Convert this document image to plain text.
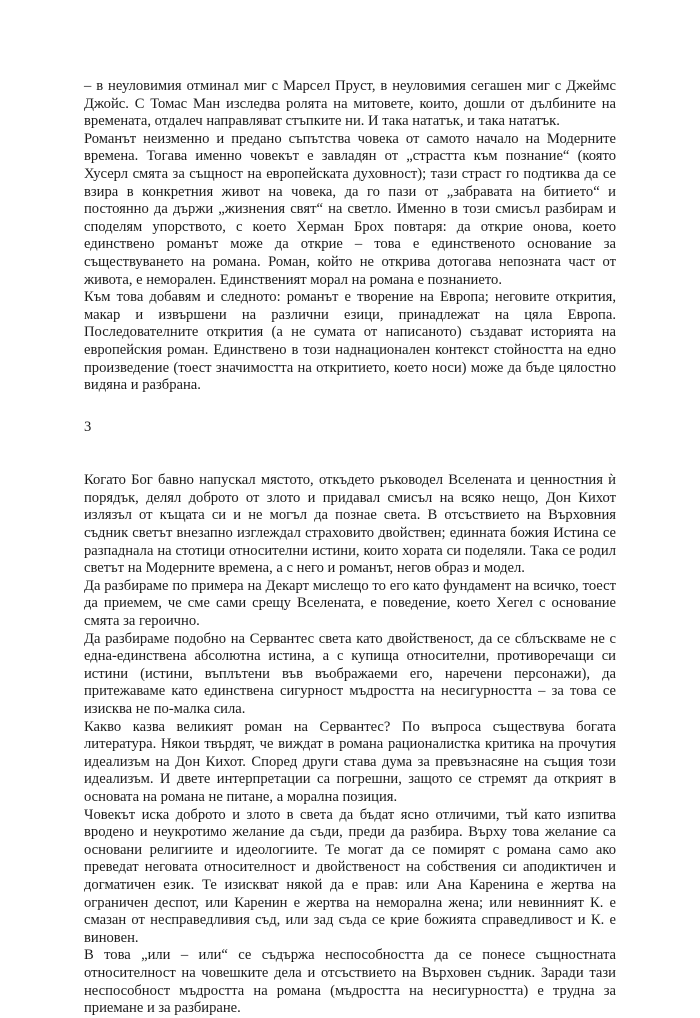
– в неуловимия отминал миг с Марсел Пруст, в неуловимия сегашен миг с Джеймс Джойс. С Томас Ман изследва ролята на митовете, които, дошли от дълбините на времената, отдалеч направляват стъпките ни. И така нататък, и така нататък.

Романът неизменно и предано съпътства човека от самото начало на Модерните времена. Тогава именно човекът е завладян от „страстта към познание“ (която Хусерл смята за същност на европейската духовност); тази страст го подтиква да се взира в конкретния живот на човека, да го пази от „забравата на битието“ и постоянно да държи „жизнения свят“ на светло. Именно в този смисъл разбирам и споделям упорството, с което Херман Брох повтаря: да открие онова, което единствено романът може да открие – това е единственото основание за съществуването на романа. Роман, който не открива дотогава непозната част от живота, е неморален. Единственият морал на романа е познанието.

Към това добавям и следното: романът е творение на Европа; неговите открития, макар и извършени на различни езици, принадлежат на цяла Европа. Последователните открития (а не сумата от написаното) създават историята на европейския роман. Единствено в този наднационален контекст стойността на едно произведение (тоест значимостта на откритието, което носи) може да бъде цялостно видяна и разбрана.

3

Когато Бог бавно напускал мястото, откъдето ръководел Вселената и ценностния ѝ порядък, делял доброто от злото и придавал смисъл на всяко нещо, Дон Кихот излязъл от къщата си и не могъл да познае света. В отсъствието на Върховния съдник светът внезапно изглеждал страховито двойствен; единната божия Истина се разпаднала на стотици относителни истини, които хората си поделяли. Така се родил светът на Модерните времена, а с него и романът, негов образ и модел.

Да разбираме по примера на Декарт мислещо то его като фундамент на всичко, тоест да приемем, че сме сами срещу Вселената, е поведение, което Хегел с основание смята за героично.

Да разбираме подобно на Сервантес света като двойственост, да се сблъскваме не с една-единствена абсолютна истина, а с купища относителни, противоречащи си истини (истини, въплътени във въображаеми его, наречени персонажи), да притежаваме като единствена сигурност мъдростта на несигурността – за това се изисква не по-малка сила.

Какво казва великият роман на Сервантес? По въпроса съществува богата литература. Някои твърдят, че виждат в романа рационалистка критика на прочутия идеализъм на Дон Кихот. Според други става дума за превъзнасяне на същия този идеализъм. И двете интерпретации са погрешни, защото се стремят да открият в основата на романа не питане, а морална позиция.

Човекът иска доброто и злото в света да бъдат ясно отличими, тъй като изпитва вродено и неукротимо желание да съди, преди да разбира. Върху това желание са основани религиите и идеологиите. Те могат да се помирят с романа само ако преведат неговата относителност и двойственост на собствения си аподиктичен и догматичен език. Те изискват някой да е прав: или Ана Каренина е жертва на ограничен деспот, или Каренин е жертва на неморална жена; или невинният К. е смазан от несправедливия съд, или зад съда се крие божията справедливост и К. е виновен.

В това „или – или“ се съдържа неспособността да се понесе същностната относителност на човешките дела и отсъствието на Върховен съдник. Заради тази неспособност мъдростта на романа (мъдростта на несигурността) е трудна за приемане и за разбиране.
